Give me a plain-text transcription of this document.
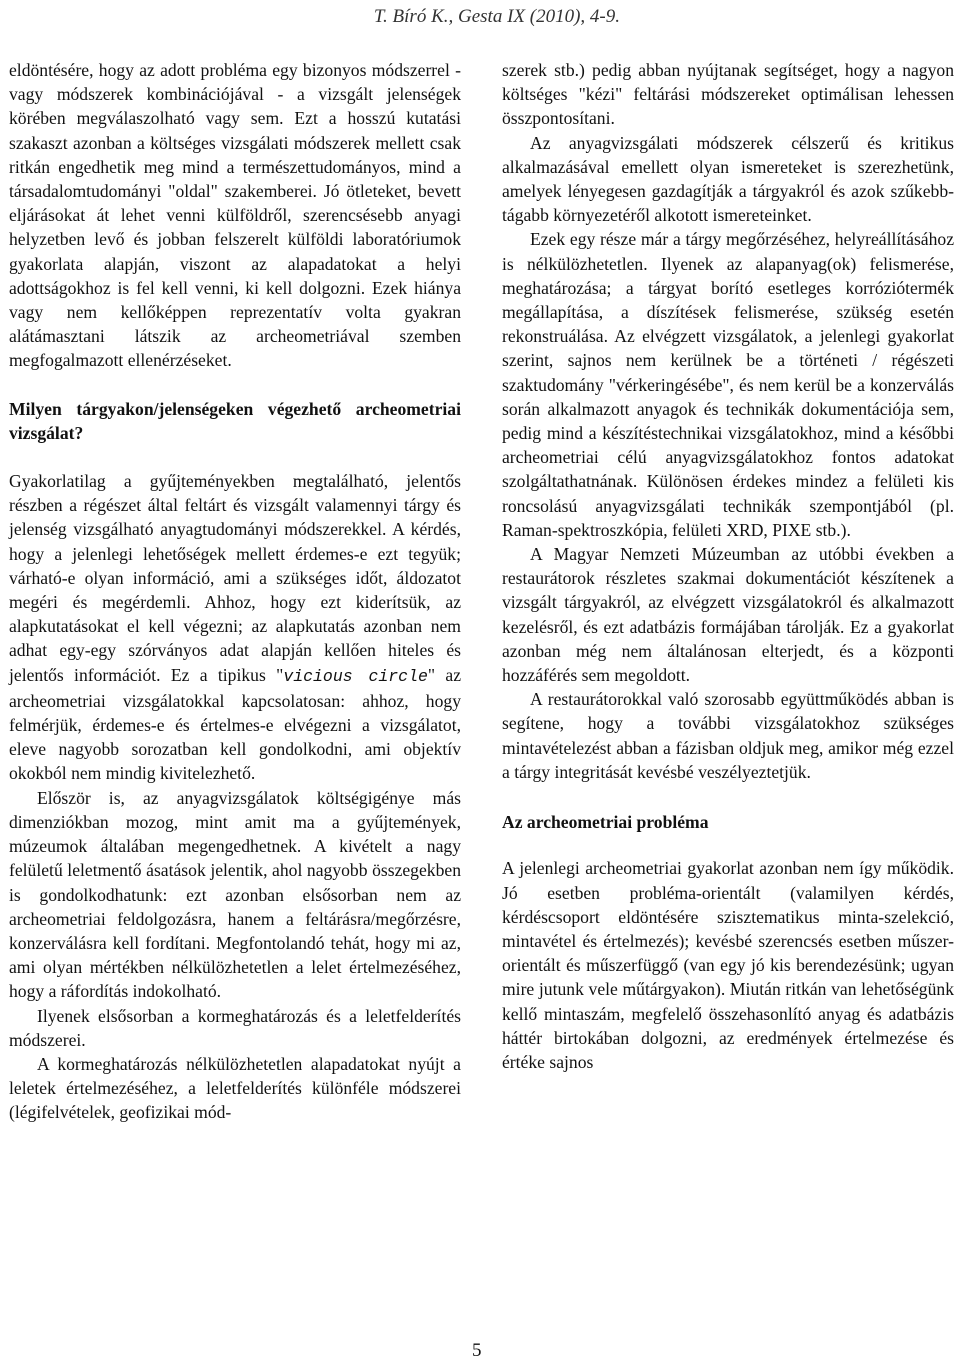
T. Bíró K., Gesta IX (2010), 4-9.

eldöntésére, hogy az adott probléma egy bizonyos módszerrel - vagy módszerek kombinációjával - a vizsgált jelenségek körében megválaszolható vagy sem. Ezt a hosszú kutatási szakaszt azonban a költséges vizsgálati módszerek mellett csak ritkán engedhetik meg mind a természettudományos, mind a társadalomtudományi "oldal" szakemberei. Jó ötleteket, bevett eljárásokat át lehet venni külföldről, szerencsésebb anyagi helyzetben levő és jobban felszerelt külföldi laboratóriumok gyakorlata alapján, viszont az alapadatokat a helyi adottságokhoz is fel kell venni, ki kell dolgozni. Ezek hiánya vagy nem kellőképpen reprezentatív volta gyakran alátámasztani látszik az archeometriával szemben megfogalmazott ellenérzéseket.

Milyen tárgyakon/jelenségeken végezhető archeometriai vizsgálat?

Gyakorlatilag a gyűjteményekben megtalálható, jelentős részben a régészet által feltárt és vizsgált valamennyi tárgy és jelenség vizsgálható anyagtudományi módszerekkel. A kérdés, hogy a jelenlegi lehetőségek mellett érdemes-e ezt tegyük; várható-e olyan információ, ami a szükséges időt, áldozatot megéri és megérdemli. Ahhoz, hogy ezt kiderítsük, az alapkutatásokat el kell végezni; az alapkutatás azonban nem adhat egy-egy szórványos adat alapján kellően hiteles és jelentős információt. Ez a tipikus "vicious circle" az archeometriai vizsgálatokkal kapcsolatosan: ahhoz, hogy felmérjük, érdemes-e és értelmes-e elvégezni a vizsgálatot, eleve nagyobb sorozatban kell gondolkodni, ami objektív okokból nem mindig kivitelezhető.

Először is, az anyagvizsgálatok költségigénye más dimenziókban mozog, mint amit ma a gyűjtemények, múzeumok általában megengedhetnek. A kivételt a nagy felületű leletmentő ásatások jelentik, ahol nagyobb összegekben is gondolkodhatunk: ezt azonban elsősorban nem az archeometriai feldolgozásra, hanem a feltárásra/megőrzésre, konzerválásra kell fordítani. Megfontolandó tehát, hogy mi az, ami olyan mértékben nélkülözhetetlen a lelet értelmezéséhez, hogy a ráfordítás indokolható.

Ilyenek elsősorban a kormeghatározás és a leletfelderítés módszerei.

A kormeghatározás nélkülözhetetlen alapadatokat nyújt a leletek értelmezéséhez, a leletfelderítés különféle módszerei (légifelvételek, geofizikai mód-

szerek stb.) pedig abban nyújtanak segítséget, hogy a nagyon költséges "kézi" feltárási módszereket optimálisan lehessen összpontosítani.

Az anyagvizsgálati módszerek célszerű és kritikus alkalmazásával emellett olyan ismereteket is szerezhetünk, amelyek lényegesen gazdagítják a tárgyakról és azok szűkebb-tágabb környezetéről alkotott ismereteinket.

Ezek egy része már a tárgy megőrzéséhez, helyreállításához is nélkülözhetetlen. Ilyenek az alapanyag(ok) felismerése, meghatározása; a tárgyat borító esetleges korróziótermék megállapítása, a díszítések felismerése, szükség esetén rekonstruálása. Az elvégzett vizsgálatok, a jelenlegi gyakorlat szerint, sajnos nem kerülnek be a történeti / régészeti szaktudomány "vérkeringésébe", és nem kerül be a konzerválás során alkalmazott anyagok és technikák dokumentációja sem, pedig mind a készítéstechnikai vizsgálatokhoz, mind a későbbi archeometriai célú anyagvizsgálatokhoz fontos adatokat szolgáltathatnának. Különösen érdekes mindez a felületi kis roncsolású anyagvizsgálati technikák szempontjából (pl. Raman-spektroszkópia, felületi XRD, PIXE stb.).

A Magyar Nemzeti Múzeumban az utóbbi években a restaurátorok részletes szakmai dokumentációt készítenek a vizsgált tárgyakról, az elvégzett vizsgálatokról és alkalmazott kezelésről, és ezt adatbázis formájában tárolják. Ez a gyakorlat azonban még nem általánosan elterjedt, és a központi hozzáférés sem megoldott.

A restaurátorokkal való szorosabb együttműködés abban is segítene, hogy a további vizsgálatokhoz szükséges mintavételezést abban a fázisban oldjuk meg, amikor még ezzel a tárgy integritását kevésbé veszélyeztetjük.

Az archeometriai probléma

A jelenlegi archeometriai gyakorlat azonban nem így működik. Jó esetben probléma-orientált (valamilyen kérdés, kérdéscsoport eldöntésére szisztematikus minta-szelekció, mintavétel és értelmezés); kevésbé szerencsés esetben műszer-orientált és műszerfüggő (van egy jó kis berendezésünk; ugyan mire jutunk vele műtárgyakon). Miután ritkán van lehetőségünk kellő mintaszám, megfelelő összehasonlító anyag és adatbázis háttér birtokában dolgozni, az eredmények értelmezése és értéke sajnos

5
